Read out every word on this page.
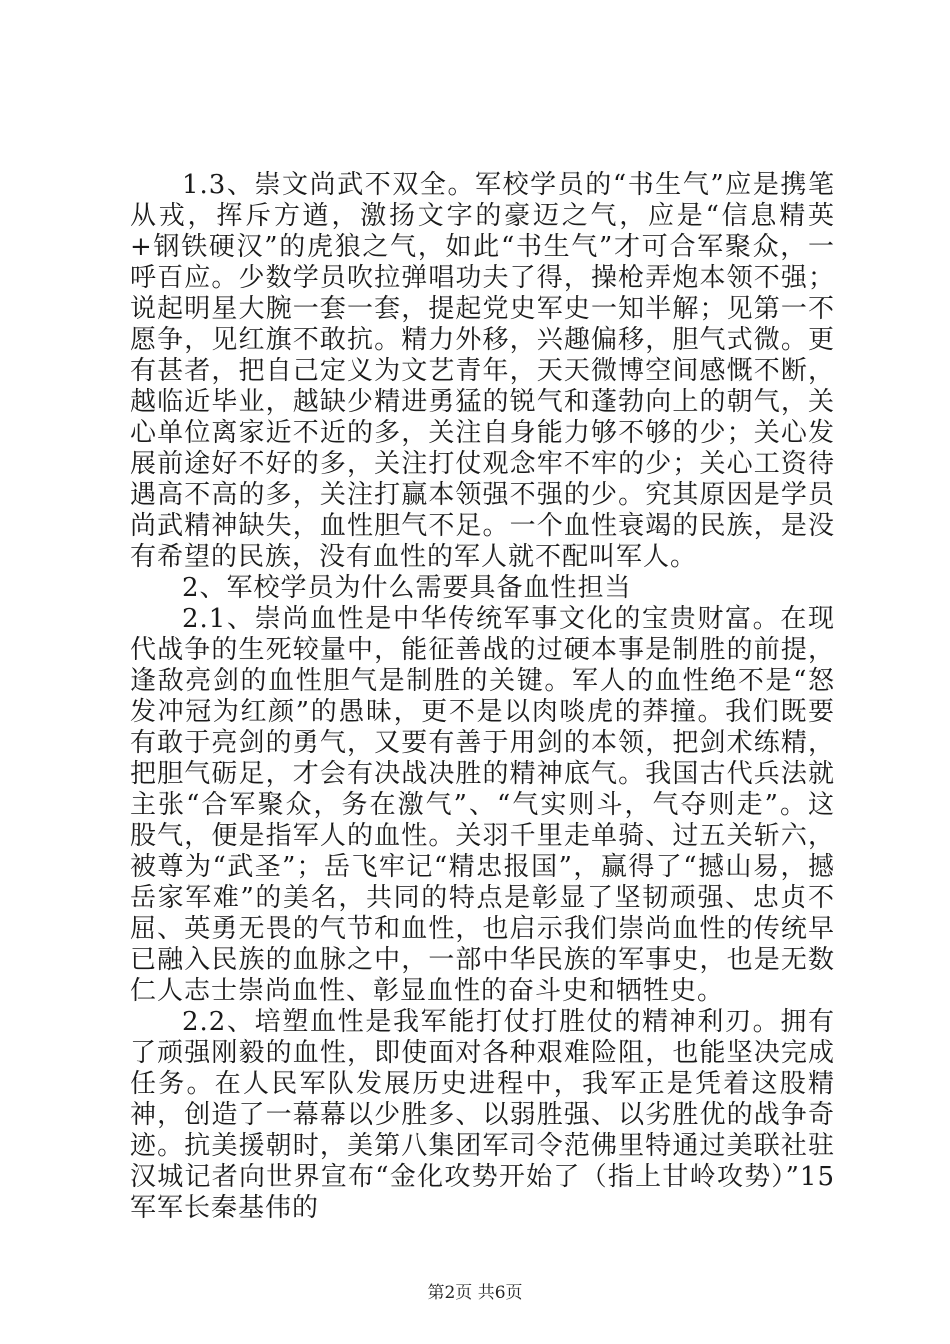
1.3、崇文尚武不双全。军校学员的“书生气”应是携笔从戎，挥斥方遒，激扬文字的豪迈之气，应是“信息精英+钢铁硬汉”的虎狼之气，如此“书生气”才可合军聚众，一呼百应。少数学员吹拉弹唱功夫了得，操枪弄炮本领不强；说起明星大腕一套一套，提起党史军史一知半解；见第一不愿争，见红旗不敢抗。精力外移，兴趣偏移，胆气式微。更有甚者，把自己定义为文艺青年，天天微博空间感慨不断，越临近毕业，越缺少精进勇猛的锐气和蓬勃向上的朝气，关心单位离家近不近的多，关注自身能力够不够的少；关心发展前途好不好的多，关注打仗观念牢不牢的少；关心工资待遇高不高的多，关注打赢本领强不强的少。究其原因是学员尚武精神缺失，血性胆气不足。一个血性衰竭的民族，是没有希望的民族，没有血性的军人就不配叫军人。

2、军校学员为什么需要具备血性担当

2.1、崇尚血性是中华传统军事文化的宝贵财富。在现代战争的生死较量中，能征善战的过硬本事是制胜的前提，逢敌亮剑的血性胆气是制胜的关键。军人的血性绝不是“怒发冲冠为红颜”的愚昧，更不是以肉啖虎的莽撞。我们既要有敢于亮剑的勇气，又要有善于用剑的本领，把剑术练精，把胆气砺足，才会有决战决胜的精神底气。我国古代兵法就主张“合军聚众，务在激气”、“气实则斗，气夺则走”。这股气，便是指军人的血性。关羽千里走单骑、过五关斩六，被尊为“武圣”；岳飞牢记“精忠报国”，赢得了“撼山易，撼岳家军难”的美名，共同的特点是彰显了坚韧顽强、忠贞不屈、英勇无畏的气节和血性，也启示我们崇尚血性的传统早已融入民族的血脉之中，一部中华民族的军事史，也是无数仁人志士崇尚血性、彰显血性的奋斗史和牺牲史。

2.2、培塑血性是我军能打仗打胜仗的精神利刃。拥有了顽强刚毅的血性，即使面对各种艰难险阻，也能坚决完成任务。在人民军队发展历史进程中，我军正是凭着这股精神，创造了一幕幕以少胜多、以弱胜强、以劣胜优的战争奇迹。抗美援朝时，美第八集团军司令范佛里特通过美联社驻汉城记者向世界宣布“金化攻势开始了（指上甘岭攻势）”15军军长秦基伟的

第2页 共6页
